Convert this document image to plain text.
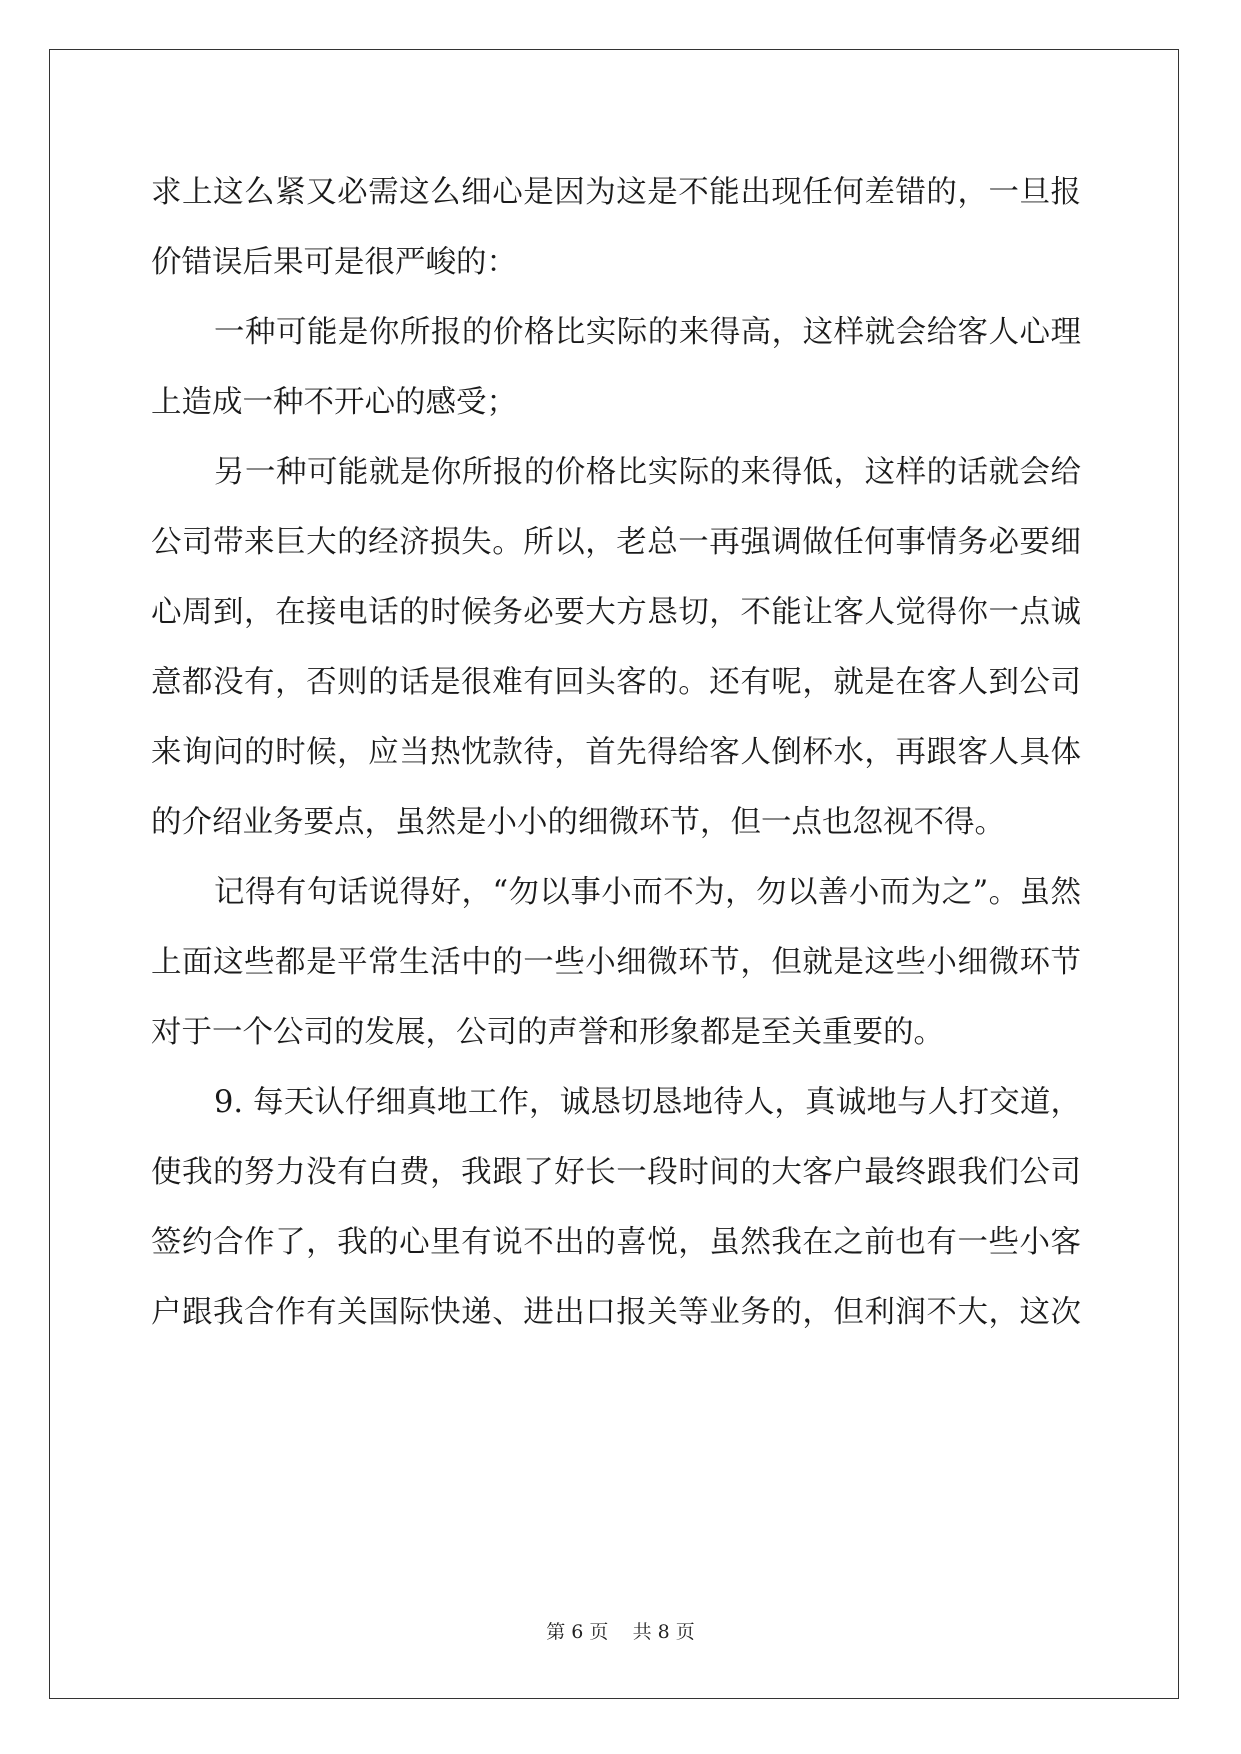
求上这么紧又必需这么细心是因为这是不能出现任何差错的，一旦报
价错误后果可是很严峻的：
一种可能是你所报的价格比实际的来得高，这样就会给客人心理
上造成一种不开心的感受；
另一种可能就是你所报的价格比实际的来得低，这样的话就会给
公司带来巨大的经济损失。所以，老总一再强调做任何事情务必要细
心周到，在接电话的时候务必要大方恳切，不能让客人觉得你一点诚
意都没有，否则的话是很难有回头客的。还有呢，就是在客人到公司
来询问的时候，应当热忱款待，首先得给客人倒杯水，再跟客人具体
的介绍业务要点，虽然是小小的细微环节，但一点也忽视不得。
记得有句话说得好，“勿以事小而不为，勿以善小而为之”。虽然
上面这些都是平常生活中的一些小细微环节，但就是这些小细微环节
对于一个公司的发展，公司的声誉和形象都是至关重要的。
9. 每天认仔细真地工作，诚恳切恳地待人，真诚地与人打交道，
使我的努力没有白费，我跟了好长一段时间的大客户最终跟我们公司
签约合作了，我的心里有说不出的喜悦，虽然我在之前也有一些小客
户跟我合作有关国际快递、进出口报关等业务的，但利润不大，这次
第 6 页    共 8 页
